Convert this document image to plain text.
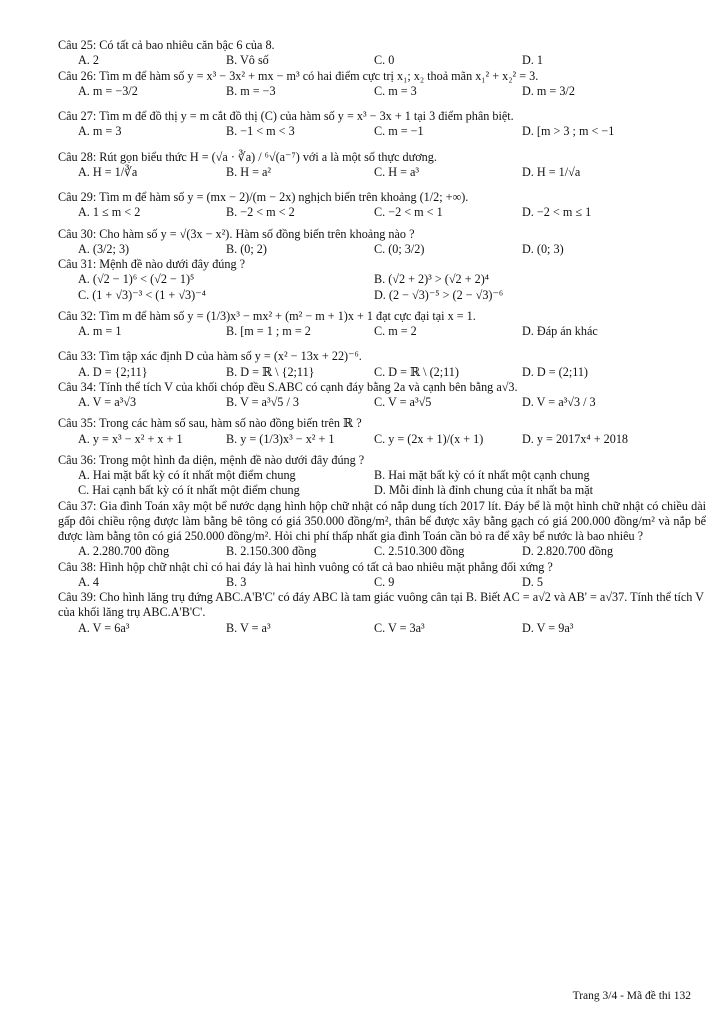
Câu 25: Có tất cả bao nhiêu căn bậc 6 của 8.
A. 2	B. Vô số	C. 0	D. 1
Câu 26: Tìm m để hàm số y = x³ − 3x² + mx − m³ có hai điểm cực trị x₁; x₂ thoả mãn x₁² + x₂² = 3.
A. m = −3/2	B. m = −3	C. m = 3	D. m = 3/2
Câu 27: Tìm m để đồ thị y = m cắt đồ thị (C) của hàm số y = x³ − 3x + 1 tại 3 điểm phân biệt.
A. m = 3	B. −1 < m < 3	C. m = −1	D. [m > 3 ; m < −1
Câu 28: Rút gọn biểu thức H = (√a · ∛a) / ⁶√(a⁻⁷) với a là một số thực dương.
A. H = 1/∛a	B. H = a²	C. H = a³	D. H = 1/√a
Câu 29: Tìm m để hàm số y = (mx − 2)/(m − 2x) nghịch biến trên khoảng (1/2; +∞).
A. 1 ≤ m < 2	B. −2 < m < 2	C. −2 < m < 1	D. −2 < m ≤ 1
Câu 30: Cho hàm số y = √(3x − x²). Hàm số đồng biến trên khoảng nào ?
A. (3/2; 3)	B. (0; 2)	C. (0; 3/2)	D. (0; 3)
Câu 31: Mệnh đề nào dưới đây đúng ?
A. (√2 − 1)⁶ < (√2 − 1)⁵	B. (√2 + 2)³ > (√2 + 2)⁴
C. (1 + √3)⁻³ < (1 + √3)⁻⁴	D. (2 − √3)⁻⁵ > (2 − √3)⁻⁶
Câu 32: Tìm m để hàm số y = (1/3)x³ − mx² + (m² − m + 1)x + 1 đạt cực đại tại x = 1.
A. m = 1	B. [m = 1 ; m = 2	C. m = 2	D. Đáp án khác
Câu 33: Tìm tập xác định D của hàm số y = (x² − 13x + 22)⁻⁶.
A. D = {2;11}	B. D = ℝ \ {2;11}	C. D = ℝ \ (2;11)	D. D = (2;11)
Câu 34: Tính thể tích V của khối chóp đều S.ABC có cạnh đáy bằng 2a và cạnh bên bằng a√3.
A. V = a³√3	B. V = a³√5 / 3	C. V = a³√5	D. V = a³√3 / 3
Câu 35: Trong các hàm số sau, hàm số nào đồng biến trên ℝ ?
A. y = x³ − x² + x + 1	B. y = (1/3)x³ − x² + 1	C. y = (2x + 1)/(x + 1)	D. y = 2017x⁴ + 2018
Câu 36: Trong một hình đa diện, mệnh đề nào dưới đây đúng ?
A. Hai mặt bất kỳ có ít nhất một điểm chung	B. Hai mặt bất kỳ có ít nhất một cạnh chung
C. Hai cạnh bất kỳ có ít nhất một điểm chung	D. Mỗi đỉnh là đỉnh chung của ít nhất ba mặt
Câu 37: Gia đình Toán xây một bể nước dạng hình hộp chữ nhật có nắp dung tích 2017 lít. Đáy bể là một hình chữ nhật có chiều dài gấp đôi chiều rộng được làm bằng bê tông có giá 350.000 đồng/m², thân bể được xây bằng gạch có giá 200.000 đồng/m² và nắp bể được làm bằng tôn có giá 250.000 đồng/m². Hỏi chi phí thấp nhất gia đình Toán cần bỏ ra để xây bể nước là bao nhiêu ?
A. 2.280.700 đồng	B. 2.150.300 đồng	C. 2.510.300 đồng	D. 2.820.700 đồng
Câu 38: Hình hộp chữ nhật chỉ có hai đáy là hai hình vuông có tất cả bao nhiêu mặt phẳng đối xứng ?
A. 4	B. 3	C. 9	D. 5
Câu 39: Cho hình lăng trụ đứng ABC.A'B'C' có đáy ABC là tam giác vuông cân tại B. Biết AC = a√2 và AB' = a√37. Tính thể tích V của khối lăng trụ ABC.A'B'C'.
A. V = 6a³	B. V = a³	C. V = 3a³	D. V = 9a³
Trang 3/4 - Mã đề thi 132
